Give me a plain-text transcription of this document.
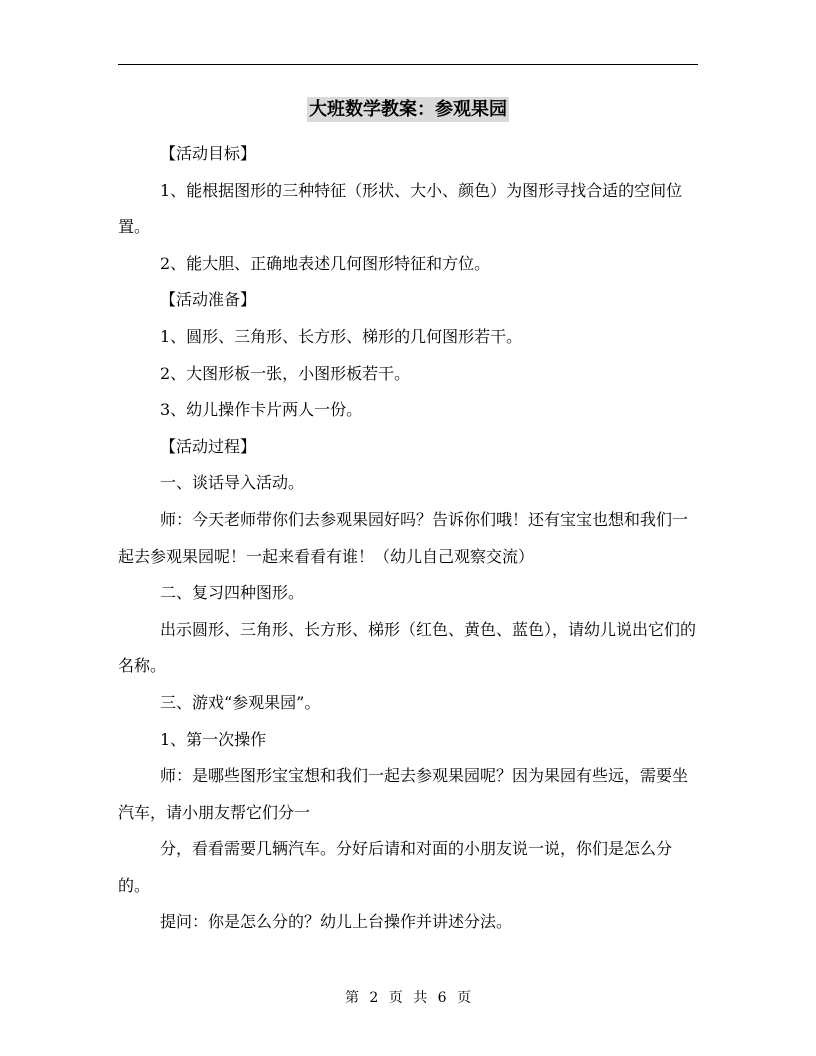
大班数学教案：参观果园

【活动目标】

1、能根据图形的三种特征（形状、大小、颜色）为图形寻找合适的空间位置。

2、能大胆、正确地表述几何图形特征和方位。

【活动准备】

1、圆形、三角形、长方形、梯形的几何图形若干。

2、大图形板一张，小图形板若干。

3、幼儿操作卡片两人一份。

【活动过程】

一、谈话导入活动。

师：今天老师带你们去参观果园好吗？告诉你们哦！还有宝宝也想和我们一起去参观果园呢！一起来看看有谁！（幼儿自己观察交流）

二、复习四种图形。

出示圆形、三角形、长方形、梯形（红色、黄色、蓝色），请幼儿说出它们的名称。

三、游戏“参观果园”。

1、第一次操作

师：是哪些图形宝宝想和我们一起去参观果园呢？因为果园有些远，需要坐汽车，请小朋友帮它们分一

分，看看需要几辆汽车。分好后请和对面的小朋友说一说，你们是怎么分的。

提问：你是怎么分的？幼儿上台操作并讲述分法。

第 2 页 共 6 页
